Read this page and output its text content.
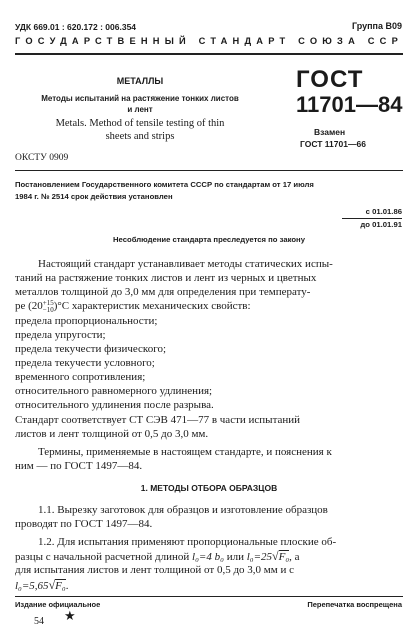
УДК 669.01 : 620.172 : 006.354	Группа В09
ГОСУДАРСТВЕННЫЙ СТАНДАРТ СОЮЗА ССР
МЕТАЛЛЫ
Методы испытаний на растяжение тонких листов
и лент
Metals. Method of tensile testing of thin
sheets and strips
ГОСТ
11701—84
Взамен
ГОСТ 11701—66
ОКСТУ 0909
Постановлением Государственного комитета СССР по стандартам от 17 июля
1984 г. № 2514 срок действия установлен
с 01.01.86
до 01.01.91
Несоблюдение стандарта преследуется по закону
Настоящий стандарт устанавливает методы статических испы-
таний на растяжение тонких листов и лент из черных и цветных
металлов толщиной до 3,0 мм для определения при температу-
ре (20 +15
−10 )°С характеристик механических свойств:
предела пропорциональности;
предела упругости;
предела текучести физического;
предела текучести условного;
временного сопротивления;
относительного равномерного удлинения;
относительного удлинения после разрыва.
Стандарт соответствует СТ СЭВ 471—77 в части испытаний
листов и лент толщиной от 0,5 до 3,0 мм.
Термины, применяемые в настоящем стандарте, и пояснения к
ним — по ГОСТ 1497—84.
1. МЕТОДЫ ОТБОРА ОБРАЗЦОВ
1.1. Вырезку заготовок для образцов и изготовление образцов
проводят по ГОСТ 1497—84.
1.2. Для испытания применяют пропорциональные плоские об-
разцы с начальной расчетной длиной l₀=4 b₀ или l₀=25√F₀, а
для испытания листов и лент толщиной от 0,5 до 3,0 мм и с
l₀=5,65√F₀.
Издание официальное	Перепечатка воспрещена
★
54
